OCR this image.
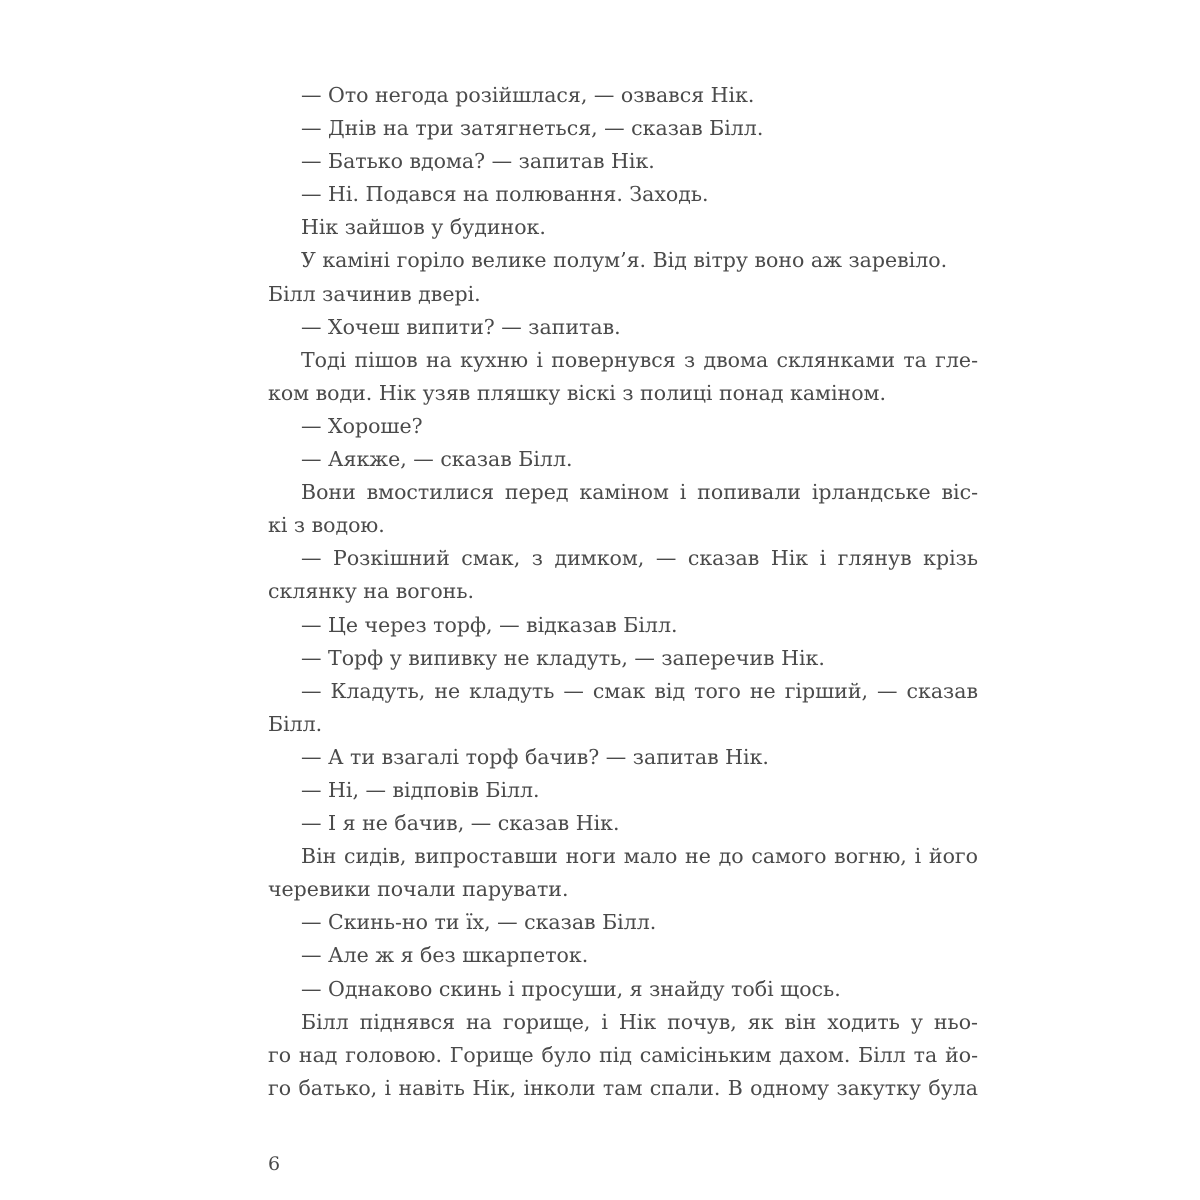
— Ото негода розійшлася, — озвався Нік.
— Днів на три затягнеться, — сказав Білл.
— Батько вдома? — запитав Нік.
— Ні. Подався на полювання. Заходь.
Нік зайшов у будинок.
У каміні горіло велике полум’я. Від вітру воно аж заревіло.
Білл зачинив двері.
— Хочеш випити? — запитав.
Тоді пішов на кухню і повернувся з двома склянками та гле-
ком води. Нік узяв пляшку віскі з полиці понад каміном.
— Хороше?
— Аякже, — сказав Білл.
Вони вмостилися перед каміном і попивали ірландське віс-
кі з водою.
— Розкішний смак, з димком, — сказав Нік і глянув крізь
склянку на вогонь.
— Це через торф, — відказав Білл.
— Торф у випивку не кладуть, — заперечив Нік.
— Кладуть, не кладуть — смак від того не гірший, — сказав
Білл.
— А ти взагалі торф бачив? — запитав Нік.
— Ні, — відповів Білл.
— І я не бачив, — сказав Нік.
Він сидів, випроставши ноги мало не до самого вогню, і його
черевики почали парувати.
— Скинь-но ти їх, — сказав Білл.
— Але ж я без шкарпеток.
— Однаково скинь і просуши, я знайду тобі щось.
Білл піднявся на горище, і Нік почув, як він ходить у ньо-
го над головою. Горище було під самісіньким дахом. Білл та йо-
го батько, і навіть Нік, інколи там спали. В одному закутку була
6
